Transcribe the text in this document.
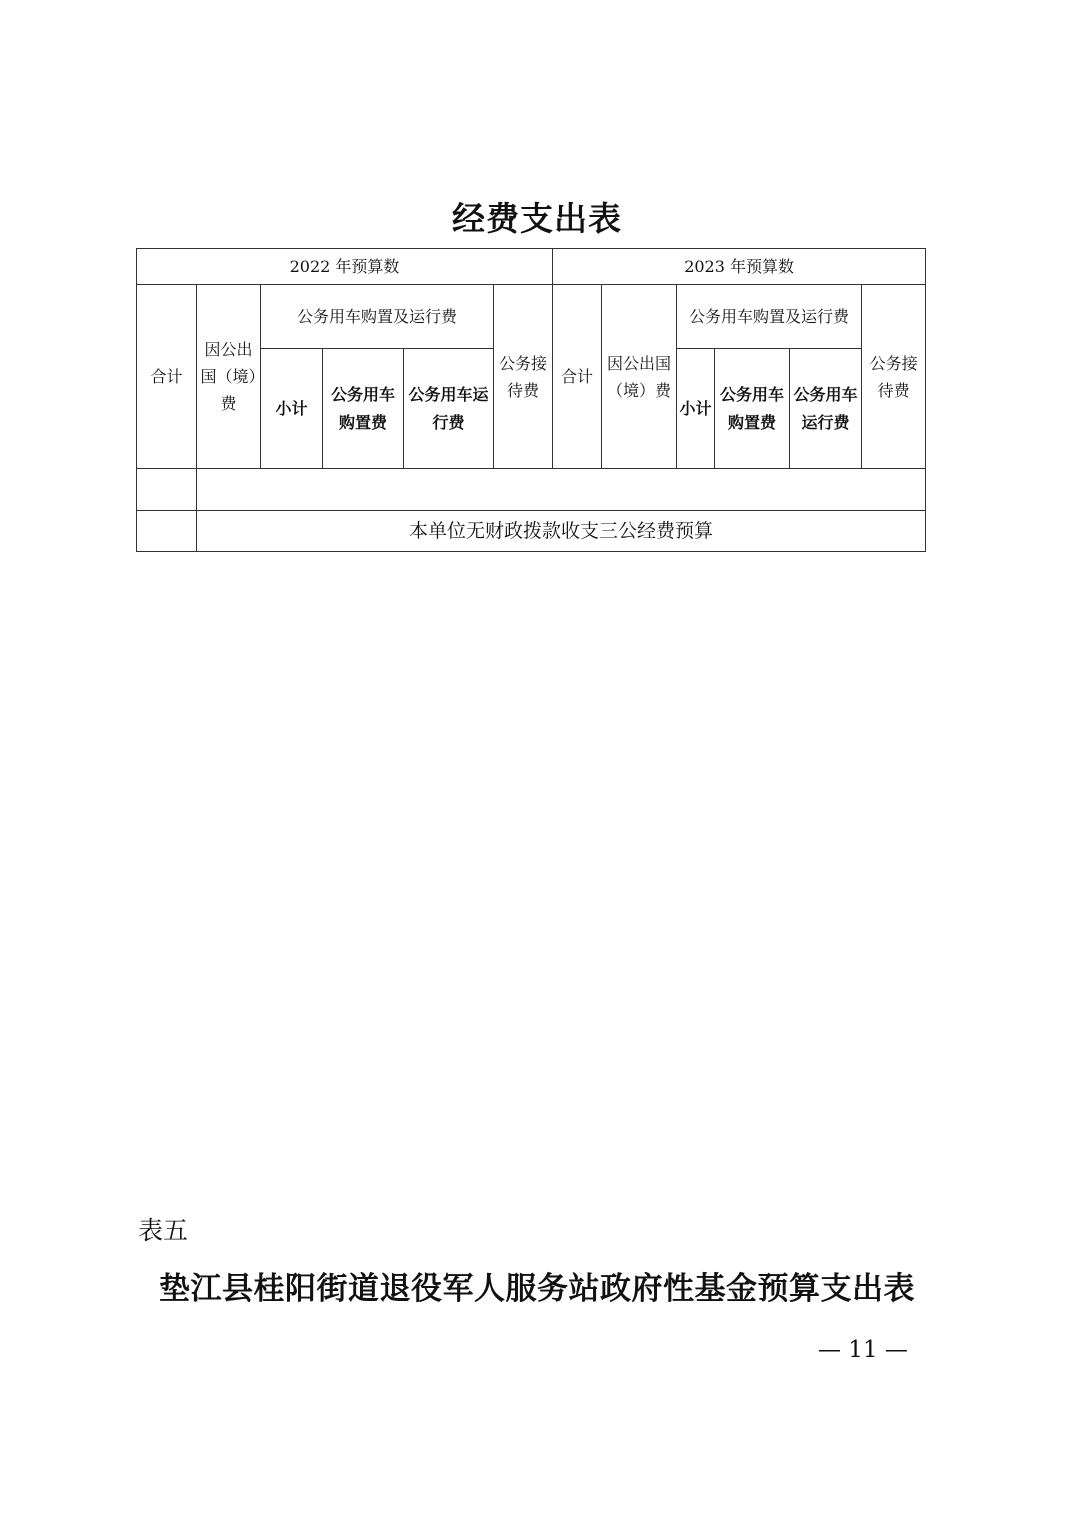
经费支出表
2022 年预算数						2023 年预算数					
合计	因公出国（境）费	公务用车购置及运行费			公务接待费	合计	因公出国（境）费	公务用车购置及运行费			公务接待费
		小计	公务用车购置费	公务用车运行费				小计	公务用车购置费	公务用车运行费	

	本单位无财政拨款收支三公经费预算										
表五
垫江县桂阳街道退役军人服务站政府性基金预算支出表
— 11 —
